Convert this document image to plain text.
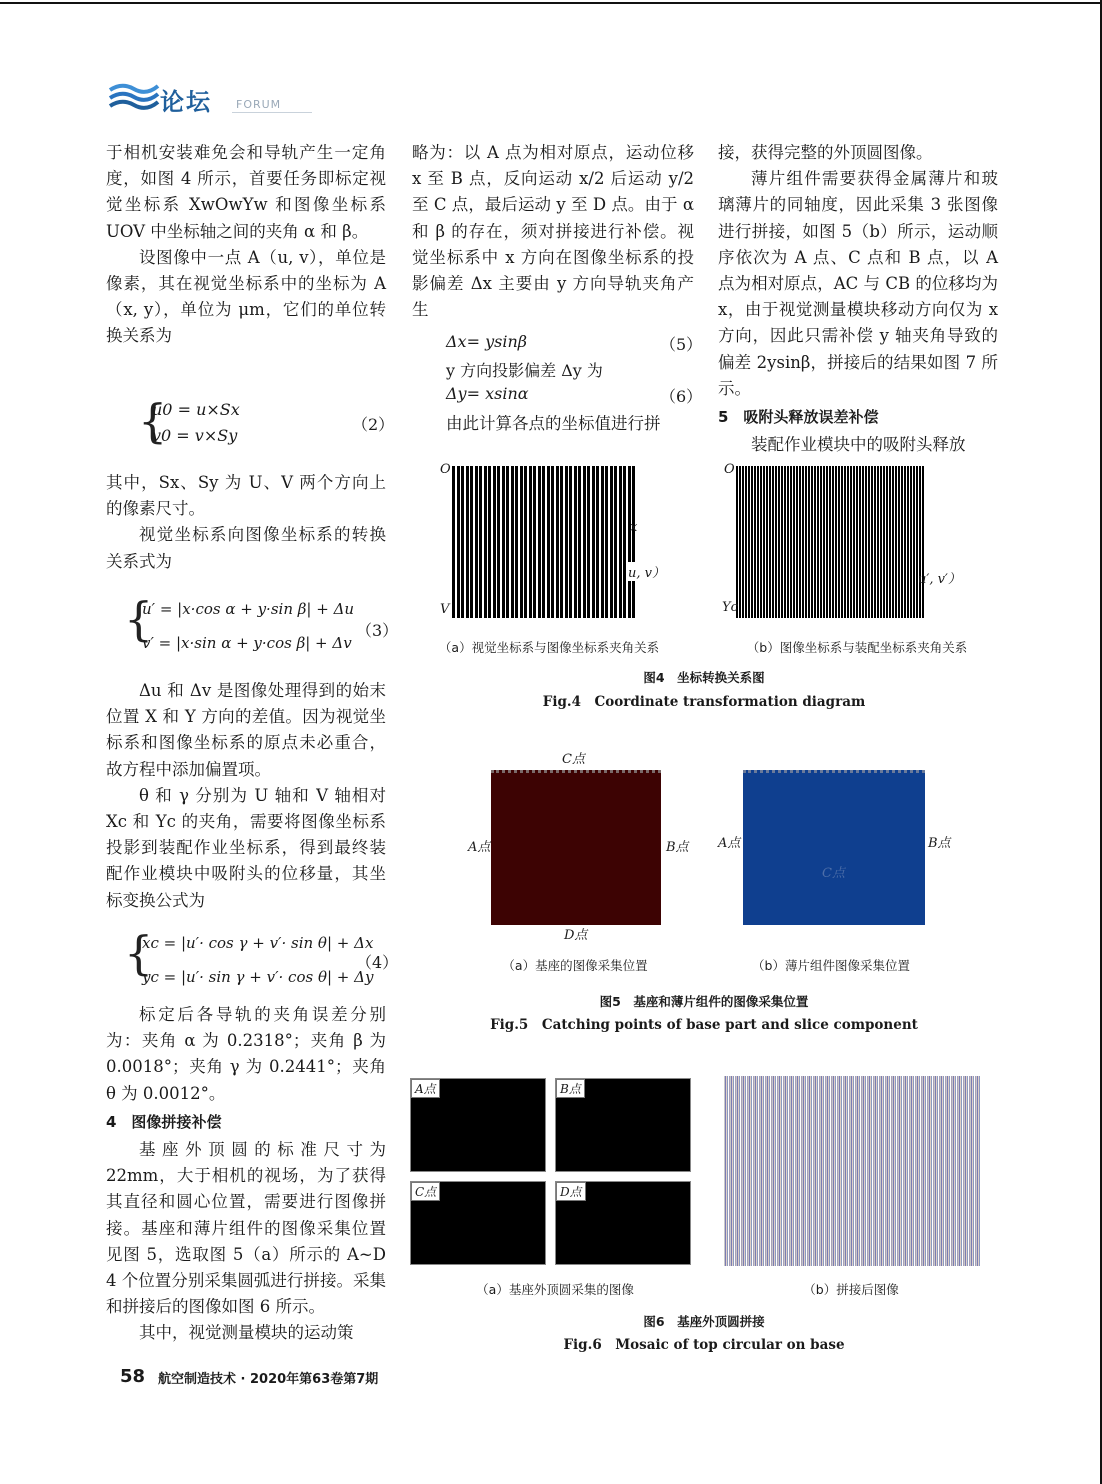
论坛 FORUM

于相机安装难免会和导轨产生一定角度，如图 4 所示，首要任务即标定视觉坐标系 XwOwYw 和图像坐标系 UOV 中坐标轴之间的夹角 α 和 β。

设图像中一点 A（u, v），单位是像素，其在视觉坐标系中的坐标为 A（x, y），单位为 μm，它们的单位转换关系为

{
u0 = u×Sx
v0 = v×Sy
（2）

其中，Sx、Sy 为 U、V 两个方向上的像素尺寸。

视觉坐标系向图像坐标系的转换关系式为

{
u′ = |x·cos α + y·sin β| + Δu
v′ = |x·sin α + y·cos β| + Δv
（3）

Δu 和 Δv 是图像处理得到的始末位置 X 和 Y 方向的差值。因为视觉坐标系和图像坐标系的原点未必重合，故方程中添加偏置项。

θ 和 γ 分别为 U 轴和 V 轴相对 Xc 和 Yc 的夹角，需要将图像坐标系投影到装配作业坐标系，得到最终装配作业模块中吸附头的位移量，其坐标变换公式为

{
xc = |u′· cos γ + v′· sin θ| + Δx
yc = |u′· sin γ + v′· cos θ| + Δy
（4）

标定后各导轨的夹角误差分别为：夹角 α 为 0.2318°；夹角 β 为 0.0018°；夹角 γ 为 0.2441°；夹角 θ 为 0.0012°。

4　图像拼接补偿

基座外顶圆的标准尺寸为 22mm，大于相机的视场，为了获得其直径和圆心位置，需要进行图像拼接。基座和薄片组件的图像采集位置见图 5，选取图 5（a）所示的 A~D 4 个位置分别采集圆弧进行拼接。采集和拼接后的图像如图 6 所示。

其中，视觉测量模块的运动策

略为：以 A 点为相对原点，运动位移 x 至 B 点，反向运动 x/2 后运动 y/2 至 C 点，最后运动 y 至 D 点。由于 α 和 β 的存在，须对拼接进行补偿。视觉坐标系中 x 方向在图像坐标系的投影偏差 Δx 主要由 y 方向导轨夹角产生

Δx= ysinβ	（5）
y 方向投影偏差 Δy 为
Δy= xsinα	（6）
由此计算各点的坐标值进行拼

接，获得完整的外顶圆图像。

薄片组件需要获得金属薄片和玻璃薄片的同轴度，因此采集 3 张图像进行拼接，如图 5（b）所示，运动顺序依次为 A 点、C 点和 B 点，以 A 点为相对原点，AC 与 CB 的位移均为 x，由于视觉测量模块移动方向仅为 x 方向，因此只需补偿 y 轴夹角导致的偏差 2ysinβ，拼接后的结果如图 7 所示。

5　吸附头释放误差补偿

装配作业模块中的吸附头释放

O
u, v）
V
x
O
u′, v′）
Yc
（a）视觉坐标系与图像坐标系夹角关系	（b）图像坐标系与装配坐标系夹角关系
图4　坐标转换关系图
Fig.4　Coordinate transformation diagram
C点
A点	B点
D点
A点	B点
C点
（a）基座的图像采集位置	（b）薄片组件图像采集位置
图5　基座和薄片组件的图像采集位置
Fig.5　Catching points of base part and slice component
A点	B点
C点	D点
（a）基座外顶圆采集的图像	（b）拼接后图像
图6　基座外顶圆拼接
Fig.6　Mosaic of top circular on base
58 航空制造技术 · 2020年第63卷第7期
